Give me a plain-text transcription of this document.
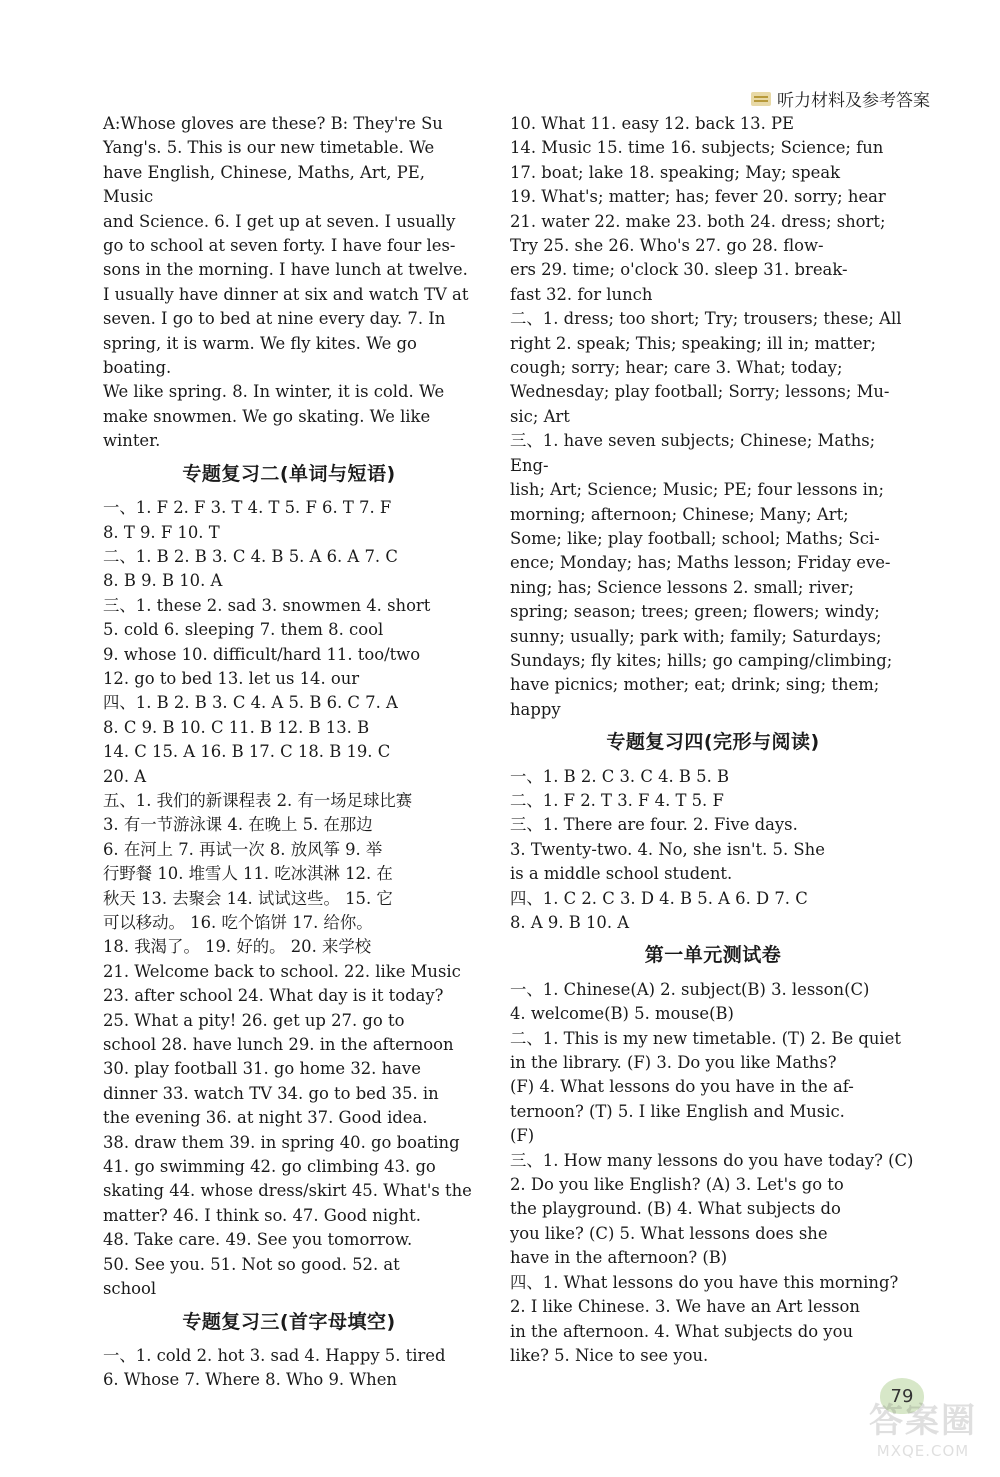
听力材料及参考答案
A:Whose gloves are these? B: They're Su
Yang's. 5. This is our new timetable. We
have English, Chinese, Maths, Art, PE, Music
and Science. 6. I get up at seven. I usually
go to school at seven forty. I have four les-
sons in the morning. I have lunch at twelve.
I usually have dinner at six and watch TV at
seven. I go to bed at nine every day. 7. In
spring, it is warm. We fly kites. We go boating.
We like spring. 8. In winter, it is cold. We
make snowmen. We go skating. We like
winter.
专题复习二(单词与短语)
一、1. F 2. F 3. T 4. T 5. F 6. T 7. F
8. T 9. F 10. T
二、1. B 2. B 3. C 4. B 5. A 6. A 7. C
8. B 9. B 10. A
三、1. these 2. sad 3. snowmen 4. short
5. cold 6. sleeping 7. them 8. cool
9. whose 10. difficult/hard 11. too/two
12. go to bed 13. let us 14. our
四、1. B 2. B 3. C 4. A 5. B 6. C 7. A
8. C 9. B 10. C 11. B 12. B 13. B
14. C 15. A 16. B 17. C 18. B 19. C
20. A
五、1. 我们的新课程表 2. 有一场足球比赛
3. 有一节游泳课 4. 在晚上 5. 在那边
6. 在河上 7. 再试一次 8. 放风筝 9. 举
行野餐 10. 堆雪人 11. 吃冰淇淋 12. 在
秋天 13. 去聚会 14. 试试这些。 15. 它
可以移动。 16. 吃个馅饼 17. 给你。
18. 我渴了。 19. 好的。 20. 来学校
21. Welcome back to school. 22. like Music
23. after school 24. What day is it today?
25. What a pity! 26. get up 27. go to
school 28. have lunch 29. in the afternoon
30. play football 31. go home 32. have
dinner 33. watch TV 34. go to bed 35. in
the evening 36. at night 37. Good idea.
38. draw them 39. in spring 40. go boating
41. go swimming 42. go climbing 43. go
skating 44. whose dress/skirt 45. What's the
matter? 46. I think so. 47. Good night.
48. Take care. 49. See you tomorrow.
50. See you. 51. Not so good. 52. at
school
专题复习三(首字母填空)
一、1. cold 2. hot 3. sad 4. Happy 5. tired
6. Whose 7. Where 8. Who 9. When
10. What 11. easy 12. back 13. PE
14. Music 15. time 16. subjects; Science; fun
17. boat; lake 18. speaking; May; speak
19. What's; matter; has; fever 20. sorry; hear
21. water 22. make 23. both 24. dress; short;
Try 25. she 26. Who's 27. go 28. flow-
ers 29. time; o'clock 30. sleep 31. break-
fast 32. for lunch
二、1. dress; too short; Try; trousers; these; All
right 2. speak; This; speaking; ill in; matter;
cough; sorry; hear; care 3. What; today;
Wednesday; play football; Sorry; lessons; Mu-
sic; Art
三、1. have seven subjects; Chinese; Maths; Eng-
lish; Art; Science; Music; PE; four lessons in;
morning; afternoon; Chinese; Many; Art;
Some; like; play football; school; Maths; Sci-
ence; Monday; has; Maths lesson; Friday eve-
ning; has; Science lessons 2. small; river;
spring; season; trees; green; flowers; windy;
sunny; usually; park with; family; Saturdays;
Sundays; fly kites; hills; go camping/climbing;
have picnics; mother; eat; drink; sing; them;
happy
专题复习四(完形与阅读)
一、1. B 2. C 3. C 4. B 5. B
二、1. F 2. T 3. F 4. T 5. F
三、1. There are four. 2. Five days.
3. Twenty-two. 4. No, she isn't. 5. She
is a middle school student.
四、1. C 2. C 3. D 4. B 5. A 6. D 7. C
8. A 9. B 10. A
第一单元测试卷
一、1. Chinese(A) 2. subject(B) 3. lesson(C)
4. welcome(B) 5. mouse(B)
二、1. This is my new timetable. (T) 2. Be quiet
in the library. (F) 3. Do you like Maths?
(F) 4. What lessons do you have in the af-
ternoon? (T) 5. I like English and Music.
(F)
三、1. How many lessons do you have today? (C)
2. Do you like English? (A) 3. Let's go to
the playground. (B) 4. What subjects do
you like? (C) 5. What lessons does she
have in the afternoon? (B)
四、1. What lessons do you have this morning?
2. I like Chinese. 3. We have an Art lesson
in the afternoon. 4. What subjects do you
like? 5. Nice to see you.
79
答案圈
MXQE.COM
